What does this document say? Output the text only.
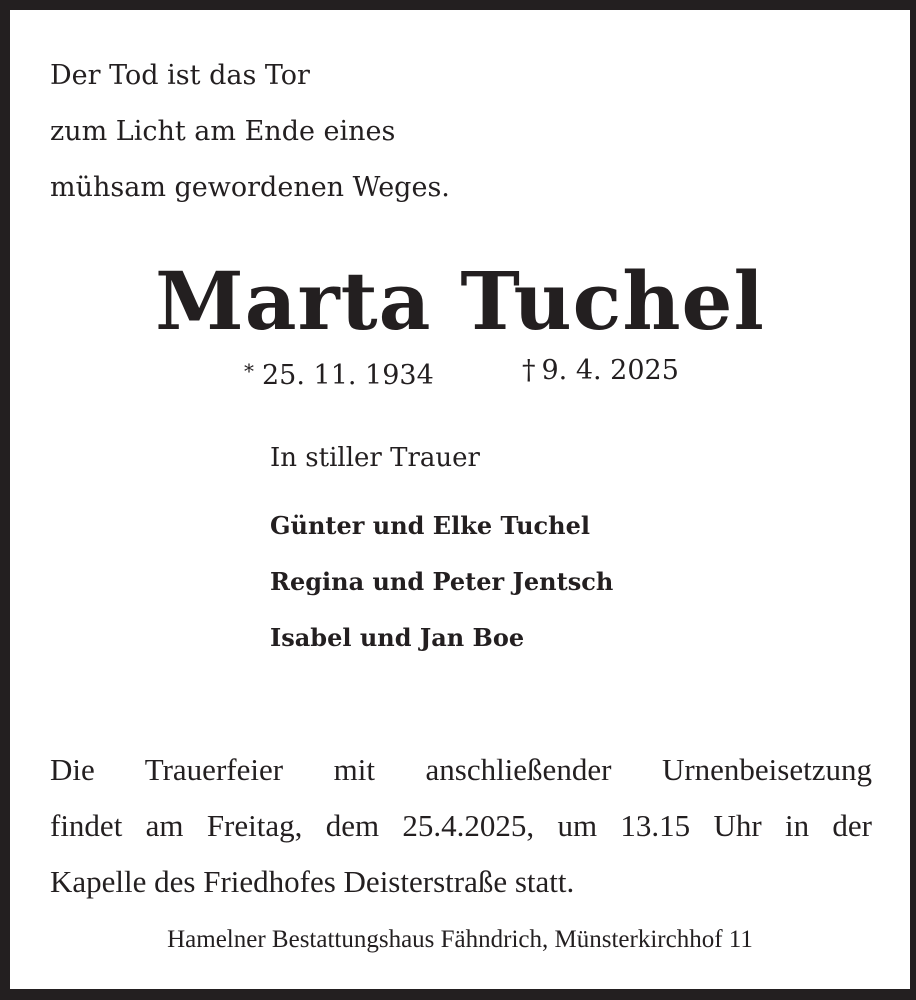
Der Tod ist das Tor
zum Licht am Ende eines
mühsam gewordenen Weges.
Marta Tuchel
* 25. 11. 1934	† 9. 4. 2025
In stiller Trauer
Günter und Elke Tuchel
Regina und Peter Jentsch
Isabel und Jan Boe
Die Trauerfeier mit anschließender Urnenbeisetzung
findet am Freitag, dem 25.4.2025, um 13.15 Uhr in der
Kapelle des Friedhofes Deisterstraße statt.
Hamelner Bestattungshaus Fähndrich, Münsterkirchhof 11
